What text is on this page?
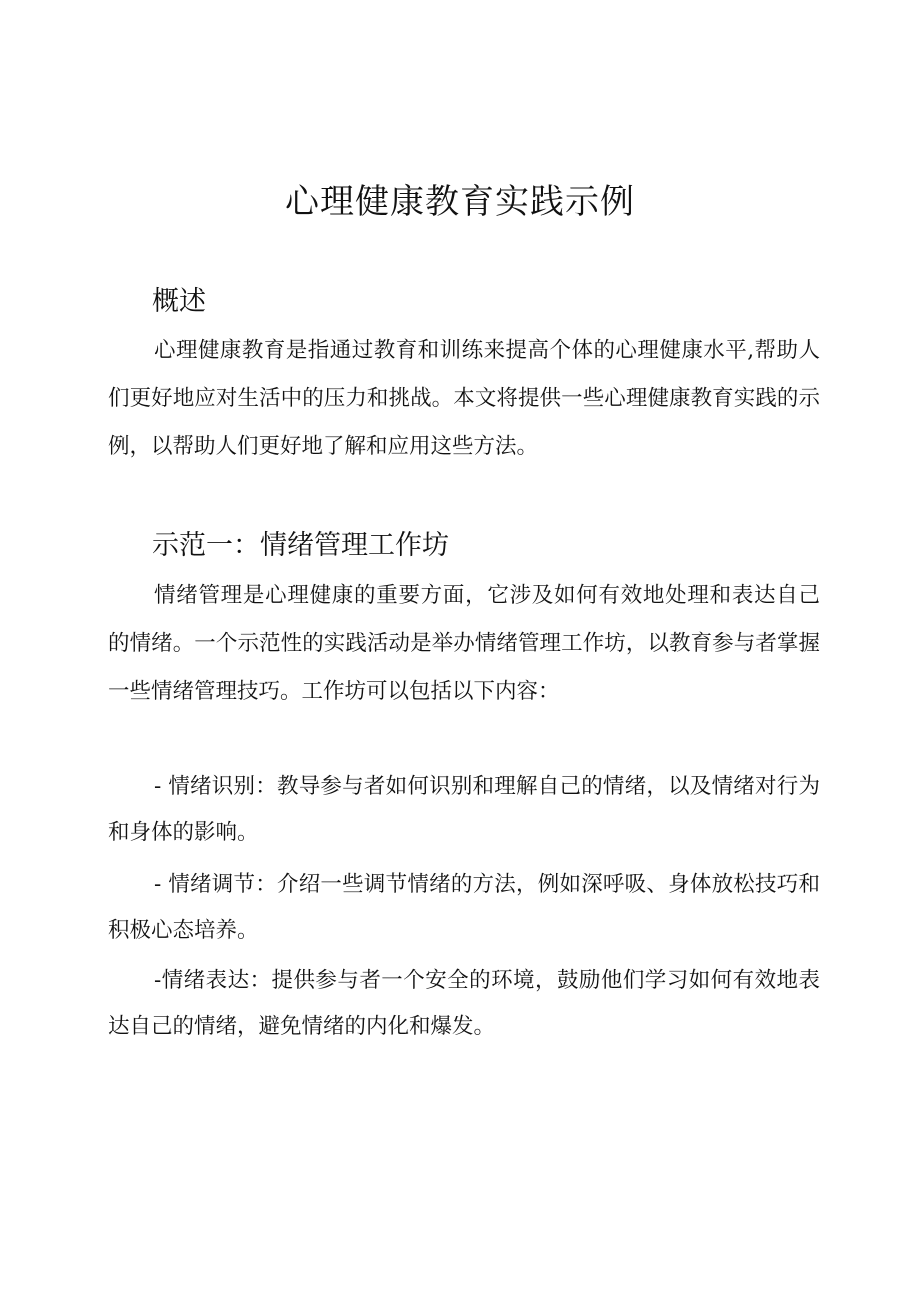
心理健康教育实践示例
概述

心理健康教育是指通过教育和训练来提高个体的心理健康水平,帮助人们更好地应对生活中的压力和挑战。本文将提供一些心理健康教育实践的示例，以帮助人们更好地了解和应用这些方法。

示范一：情绪管理工作坊

情绪管理是心理健康的重要方面，它涉及如何有效地处理和表达自己的情绪。一个示范性的实践活动是举办情绪管理工作坊，以教育参与者掌握一些情绪管理技巧。工作坊可以包括以下内容：

- 情绪识别：教导参与者如何识别和理解自己的情绪，以及情绪对行为和身体的影响。

- 情绪调节：介绍一些调节情绪的方法，例如深呼吸、身体放松技巧和积极心态培养。

-情绪表达：提供参与者一个安全的环境，鼓励他们学习如何有效地表达自己的情绪，避免情绪的内化和爆发。
